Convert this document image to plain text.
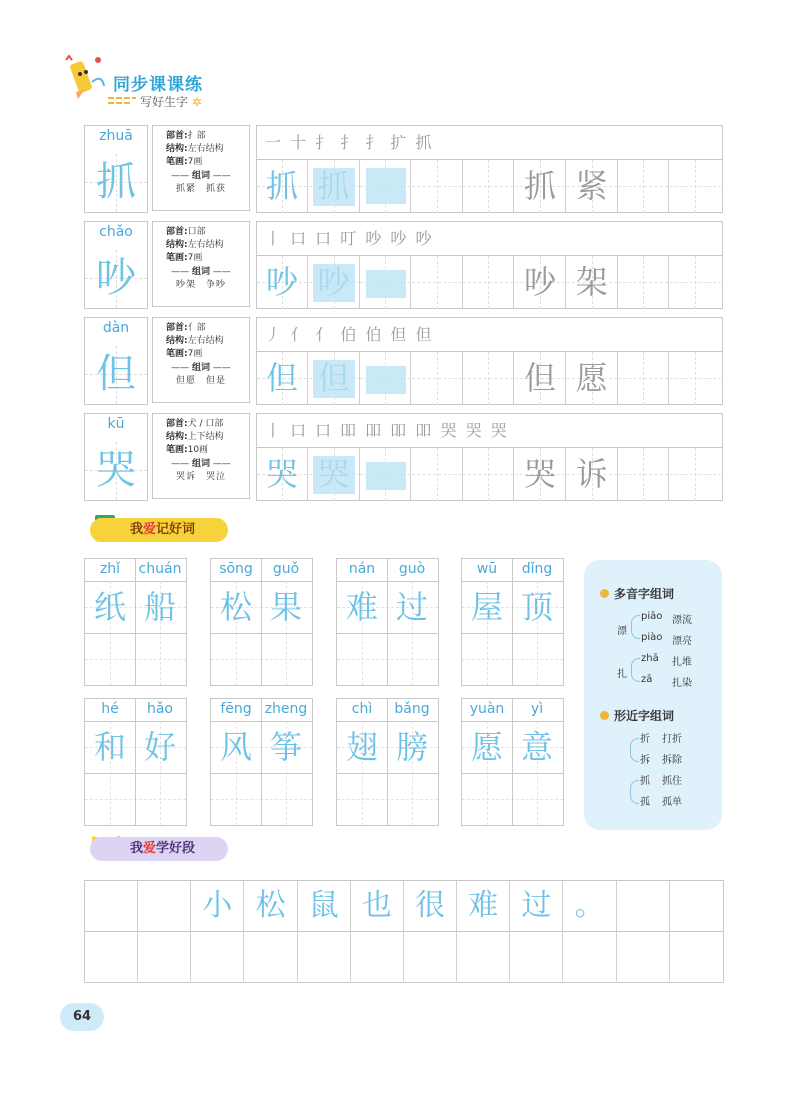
同步课课练
写好生字 ✲
zhuā
抓
部首:扌部
结构:左右结构
笔画:7画
—— 组词 ——
抓紧　抓获
一 十 扌 扌 扌 扩 抓
抓 抓	抓 紧
chǎo
吵
部首:口部
结构:左右结构
笔画:7画
—— 组词 ——
吵架　争吵
丨 口 口 叮 吵 吵 吵
吵 吵	吵 架
dàn
但
部首:亻部
结构:左右结构
笔画:7画
—— 组词 ——
但愿　但是
丿 亻 亻 伯 伯 但 但
但 但	但 愿
kū
哭
部首:犬 / 口部
结构:上下结构
笔画:10画
—— 组词 ——
哭诉　哭泣
丨 口 口 吅 吅 吅 吅 哭 哭 哭
哭 哭	哭 诉
我爱记好词
zhǐ	chuán
纸 船
sōng	guǒ
松 果
nán	guò
难 过
wū	dǐng
屋 顶
hé	hǎo
和 好
fēng zheng
风 筝
chì	bǎng
翅 膀
yuàn	yì
愿 意
多音字组词
漂
piāo 漂流
piào 漂亮
扎
zhā 扎堆
zā 扎染
形近字组词
折 打折
拆 拆除
抓 抓住
孤 孤单
我爱学好段
小 松 鼠 也 很 难 过 。
64
